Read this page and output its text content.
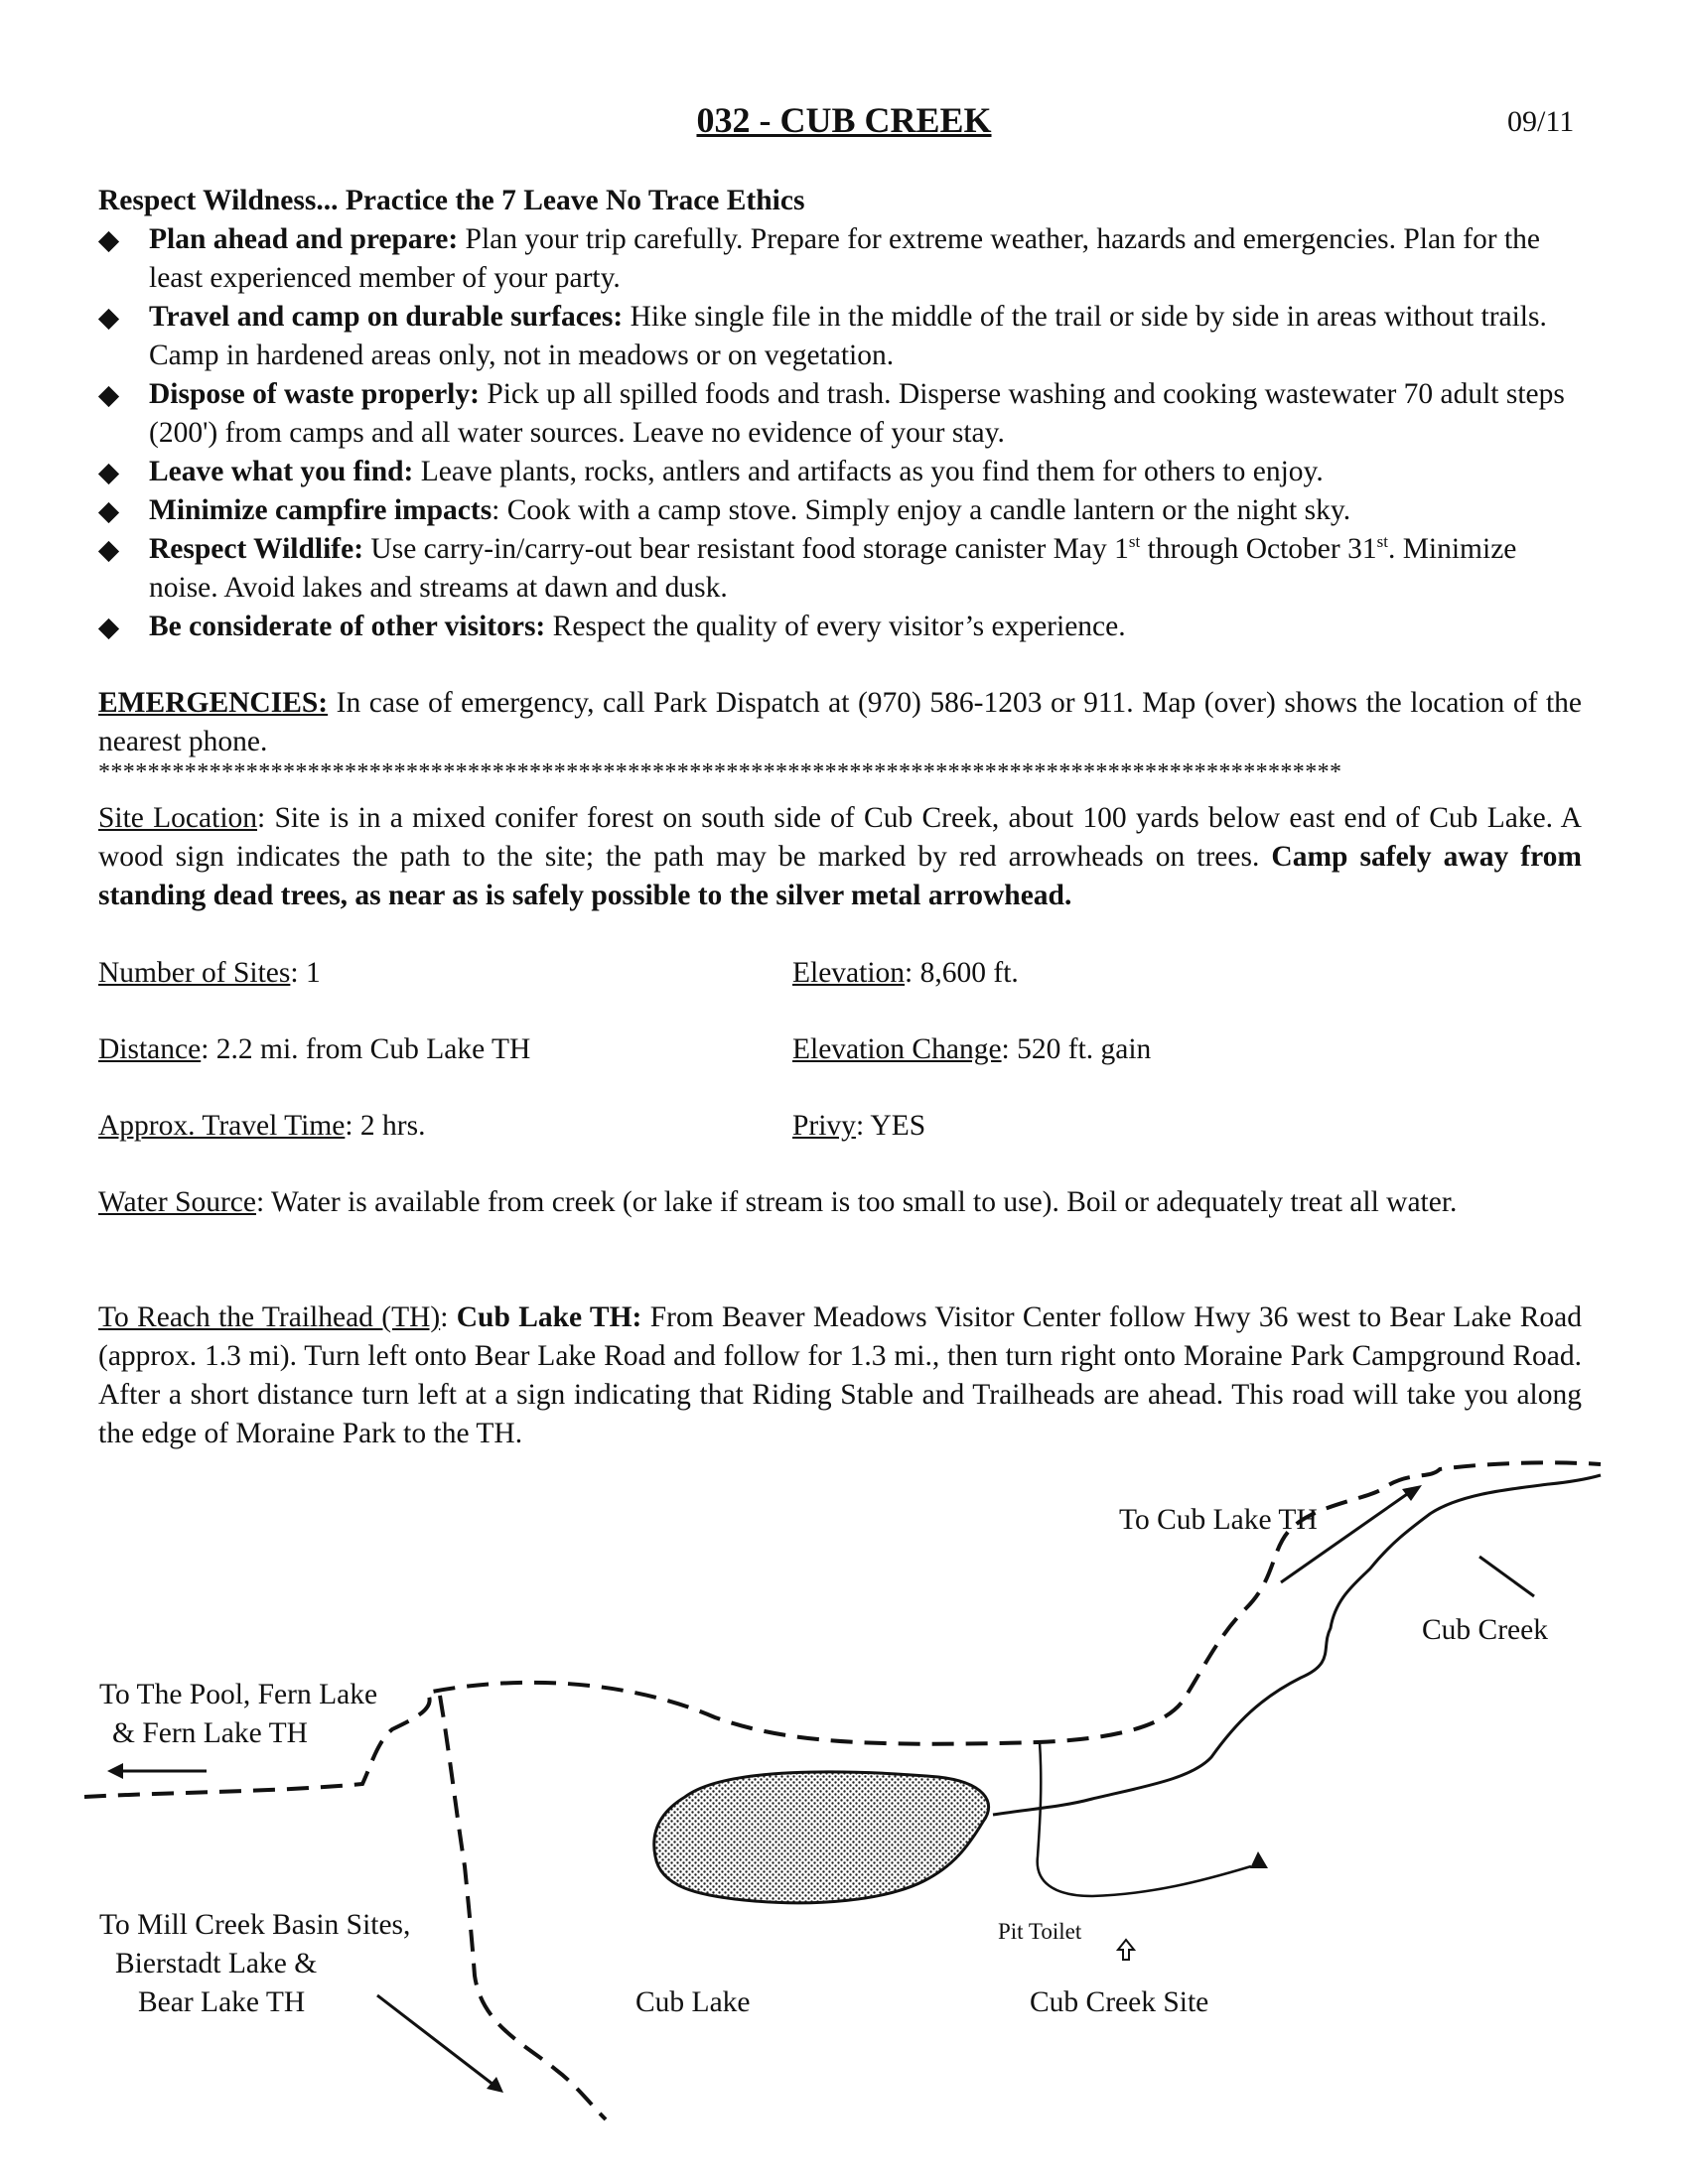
032 - CUB CREEK	09/11
Respect Wildness... Practice the 7 Leave No Trace Ethics
Plan ahead and prepare: Plan your trip carefully. Prepare for extreme weather, hazards and emergencies. Plan for the least experienced member of your party.
Travel and camp on durable surfaces: Hike single file in the middle of the trail or side by side in areas without trails. Camp in hardened areas only, not in meadows or on vegetation.
Dispose of waste properly: Pick up all spilled foods and trash. Disperse washing and cooking wastewater 70 adult steps (200') from camps and all water sources. Leave no evidence of your stay.
Leave what you find: Leave plants, rocks, antlers and artifacts as you find them for others to enjoy.
Minimize campfire impacts: Cook with a camp stove. Simply enjoy a candle lantern or the night sky.
Respect Wildlife: Use carry-in/carry-out bear resistant food storage canister May 1st through October 31st. Minimize noise. Avoid lakes and streams at dawn and dusk.
Be considerate of other visitors: Respect the quality of every visitor’s experience.
EMERGENCIES: In case of emergency, call Park Dispatch at (970) 586-1203 or 911. Map (over) shows the location of the nearest phone.
*****************************************************************************************************
Site Location: Site is in a mixed conifer forest on south side of Cub Creek, about 100 yards below east end of Cub Lake. A wood sign indicates the path to the site; the path may be marked by red arrowheads on trees. Camp safely away from standing dead trees, as near as is safely possible to the silver metal arrowhead.
Number of Sites: 1	Elevation: 8,600 ft.
Distance: 2.2 mi. from Cub Lake TH	Elevation Change: 520 ft. gain
Approx. Travel Time: 2 hrs.	Privy: YES
Water Source: Water is available from creek (or lake if stream is too small to use). Boil or adequately treat all water.
To Reach the Trailhead (TH): Cub Lake TH: From Beaver Meadows Visitor Center follow Hwy 36 west to Bear Lake Road (approx. 1.3 mi). Turn left onto Bear Lake Road and follow for 1.3 mi., then turn right onto Moraine Park Campground Road. After a short distance turn left at a sign indicating that Riding Stable and Trailheads are ahead. This road will take you along the edge of Moraine Park to the TH.
To Cub Lake TH
Cub Creek
To The Pool, Fern Lake
& Fern Lake TH
To Mill Creek Basin Sites,
Bierstadt Lake &
Bear Lake TH	Cub Lake
Pit Toilet
Cub Creek Site
